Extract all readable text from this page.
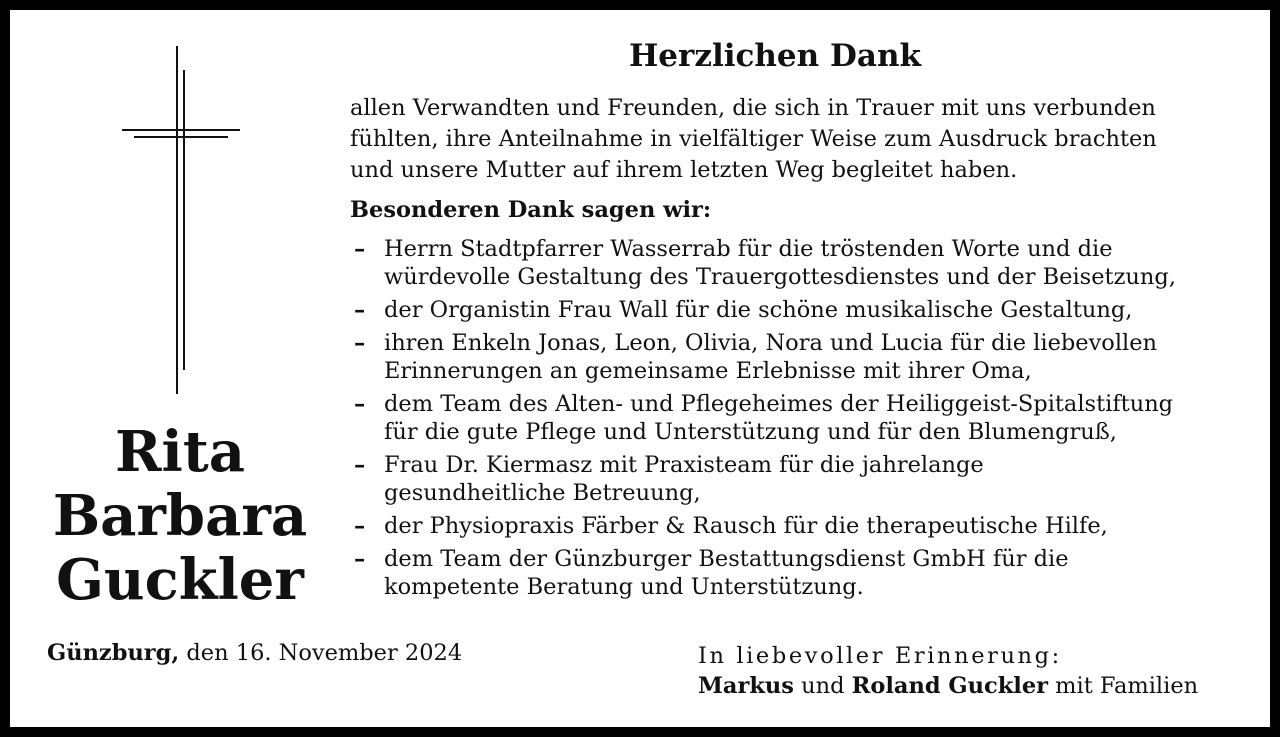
Rita
Barbara
Guckler
Herzlichen Dank
allen Verwandten und Freunden, die sich in Trauer mit uns verbunden
fühlten, ihre Anteilnahme in vielfältiger Weise zum Ausdruck brachten
und unsere Mutter auf ihrem letzten Weg begleitet haben.
Besonderen Dank sagen wir:
– Herrn Stadtpfarrer Wasserrab für die tröstenden Worte und die
würdevolle Gestaltung des Trauergottesdienstes und der Beisetzung,
– der Organistin Frau Wall für die schöne musikalische Gestaltung,
– ihren Enkeln Jonas, Leon, Olivia, Nora und Lucia für die liebevollen
Erinnerungen an gemeinsame Erlebnisse mit ihrer Oma,
– dem Team des Alten- und Pflegeheimes der Heiliggeist-Spitalstiftung
für die gute Pflege und Unterstützung und für den Blumengruß,
– Frau Dr. Kiermasz mit Praxisteam für die jahrelange
gesundheitliche Betreuung,
– der Physiopraxis Färber & Rausch für die therapeutische Hilfe,
– dem Team der Günzburger Bestattungsdienst GmbH für die
kompetente Beratung und Unterstützung.
Günzburg, den 16. November 2024	In liebevoller Erinnerung:
Markus und Roland Guckler mit Familien
